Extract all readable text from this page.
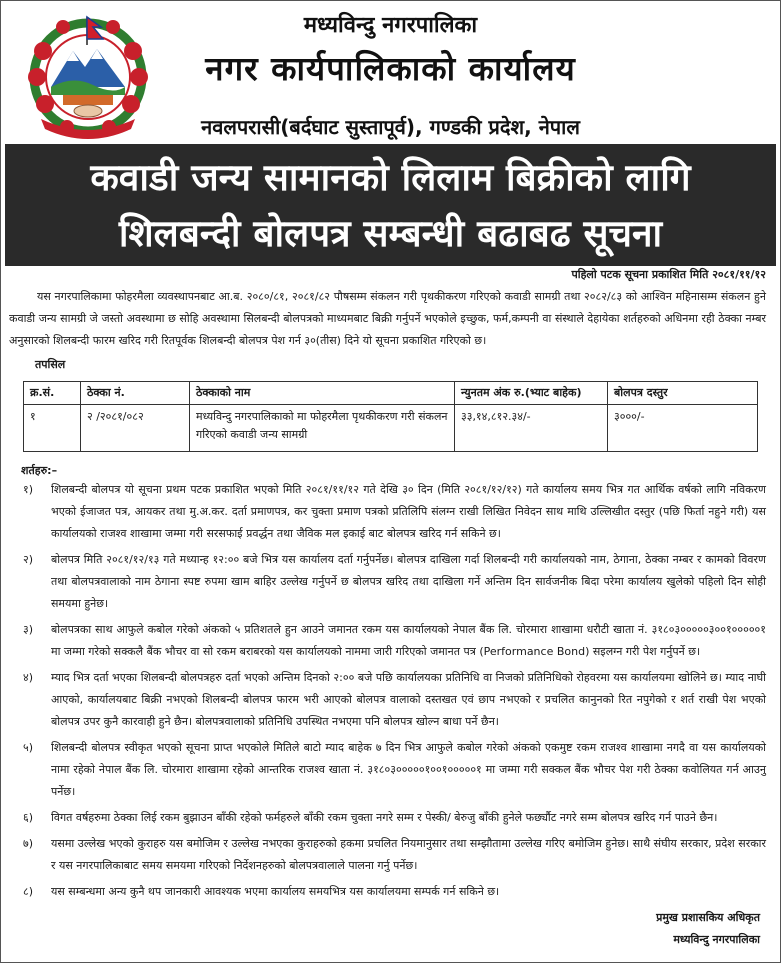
मध्यविन्दु नगरपालिका
नगर कार्यपालिकाको कार्यालय
नवलपरासी(बर्दघाट सुस्तापूर्व), गण्डकी प्रदेश, नेपाल
कवाडी जन्य सामानको लिलाम बिक्रीको लागि
शिलबन्दी बोलपत्र सम्बन्धी बढाबढ सूचना
पहिलो पटक सूचना प्रकाशित मिति २०८१/११/१२
यस नगरपालिकामा फोहरमैला व्यवस्थापनबाट आ.ब. २०८०/८१, २०८१/८२ पौषसम्म संकलन गरी पृथकीकरण गरिएको कवाडी सामग्री तथा २०८२/८३ को आश्विन महिनासम्म संकलन हुने कवाडी जन्य सामग्री जे जस्तो अवस्थामा छ सोहि अवस्थामा सिलबन्दी बोलपत्रको माध्यमबाट बिक्री गर्नुपर्ने भएकोले इच्छुक, फर्म,कम्पनी वा संस्थाले देहायेका शर्तहरुको अधिनमा रही ठेक्का नम्बर अनुसारको शिलबन्दी फारम खरिद गरी रितपूर्वक शिलबन्दी बोलपत्र पेश गर्न ३०(तीस) दिने यो सूचना प्रकाशित गरिएको छ।
तपसिल
क्र.सं.	ठेक्का नं.	ठेक्काको नाम	न्युनतम अंक रु.(भ्याट बाहेक)	बोलपत्र दस्तुर
१	२ /२०८१/०८२	मध्यविन्दु नगरपालिकाको मा फोहरमैला पृथकीकरण गरी संकलन गरिएको कवाडी जन्य सामग्री	३३,१४,८१२.३४/-	३०००/-
शर्तहरु:–
१) शिलबन्दी बोलपत्र यो सूचना प्रथम पटक प्रकाशित भएको मिति २०८१/११/१२ गते देखि ३० दिन (मिति २०८१/१२/१२) गते कार्यालय समय भित्र गत आर्थिक वर्षको लागि नविकरण भएको ईजाजत पत्र, आयकर तथा मु.अ.कर. दर्ता प्रमाणपत्र, कर चुक्ता प्रमाण पत्रको प्रतिलिपि संलग्न राखी लिखित निवेदन साथ माथि उल्लिखीत दस्तुर (पछि फिर्ता नहुने गरी) यस कार्यालयको राजश्व शाखामा जम्मा गरी सरसफाई प्रवर्द्धन तथा जैविक मल इकाई बाट बोलपत्र खरिद गर्न सकिने छ।
२) बोलपत्र मिति २०८१/१२/१३ गते मध्यान्ह १२:०० बजे भित्र यस कार्यालय दर्ता गर्नुपर्नेछ। बोलपत्र दाखिला गर्दा शिलबन्दी गरी कार्यालयको नाम, ठेगाना, ठेक्का नम्बर र कामको विवरण तथा बोलपत्रवालाको नाम ठेगाना स्पष्ट रुपमा खाम बाहिर उल्लेख गर्नुपर्ने छ बोलपत्र खरिद तथा दाखिला गर्ने अन्तिम दिन सार्वजनीक बिदा परेमा कार्यालय खुलेको पहिलो दिन सोही समयमा हुनेछ।
३) बोलपत्रका साथ आफुले कबोल गरेको अंकको ५ प्रतिशतले हुन आउने जमानत रकम यस कार्यालयको नेपाल बैंक लि. चोरमारा शाखामा धरौटी खाता नं. ३१८०३०००००३००१०००००१ मा जम्मा गरेको सक्कलै बैंक भौचर वा सो रकम बराबरको यस कार्यालयको नाममा जारी गरिएको जमानत पत्र (Performance Bond) सइलग्न गरी पेश गर्नुपर्ने छ।
४) म्याद भित्र दर्ता भएका शिलबन्दी बोलपत्रहरु दर्ता भएको अन्तिम दिनको २:०० बजे पछि कार्यालयका प्रतिनिधि वा निजको प्रतिनिधिको रोहवरमा यस कार्यालयमा खोलिने छ। म्याद नाघी आएको, कार्यालयबाट बिक्री नभएको शिलबन्दी बोलपत्र फारम भरी आएको बोलपत्र वालाको दस्तखत एवं छाप नभएको र प्रचलित कानुनको रित नपुगेको र शर्त राखी पेश भएको बोलपत्र उपर कुनै कारवाही हुने छैन। बोलपत्रवालाको प्रतिनिधि उपस्थित नभएमा पनि बोलपत्र खोल्न बाधा पर्ने छैन।
५) शिलबन्दी बोलपत्र स्वीकृत भएको सूचना प्राप्त भएकोले मितिले बाटो म्याद बाहेक ७ दिन भित्र आफुले कबोल गरेको अंकको एकमुष्ट रकम राजश्व शाखामा नगदै वा यस कार्यालयको नामा रहेको नेपाल बैंक लि. चोरमारा शाखामा रहेको आन्तरिक राजश्व खाता नं. ३१८०३०००००१००१०००००१ मा जम्मा गरी सक्कल बैंक भौचर पेश गरी ठेक्का कवोलियत गर्न आउनु पर्नेछ।
६) विगत वर्षहरुमा ठेक्का लिई रकम बुझाउन बाँकी रहेको फर्महरुले बाँकी रकम चुक्ता नगरे सम्म र पेस्की/ बेरुजु बाँकी हुनेले फर्छ्यौट नगरे सम्म बोलपत्र खरिद गर्न पाउने छैन।
७) यसमा उल्लेख भएको कुराहरु यस बमोजिम र उल्लेख नभएका कुराहरुको हकमा प्रचलित नियमानुसार तथा सम्झौतामा उल्लेख गरिए बमोजिम हुनेछ। साथै संघीय सरकार, प्रदेश सरकार र यस नगरपालिकाबाट समय समयमा गरिएको निर्देशनहरुको बोलपत्रवालाले पालना गर्नु पर्नेछ।
८) यस सम्बन्धमा अन्य कुनै थप जानकारी आवश्यक भएमा कार्यालय समयभित्र यस कार्यालयमा सम्पर्क गर्न सकिने छ।
प्रमुख प्रशासकिय अधिकृत
मध्यविन्दु नगरपालिका
